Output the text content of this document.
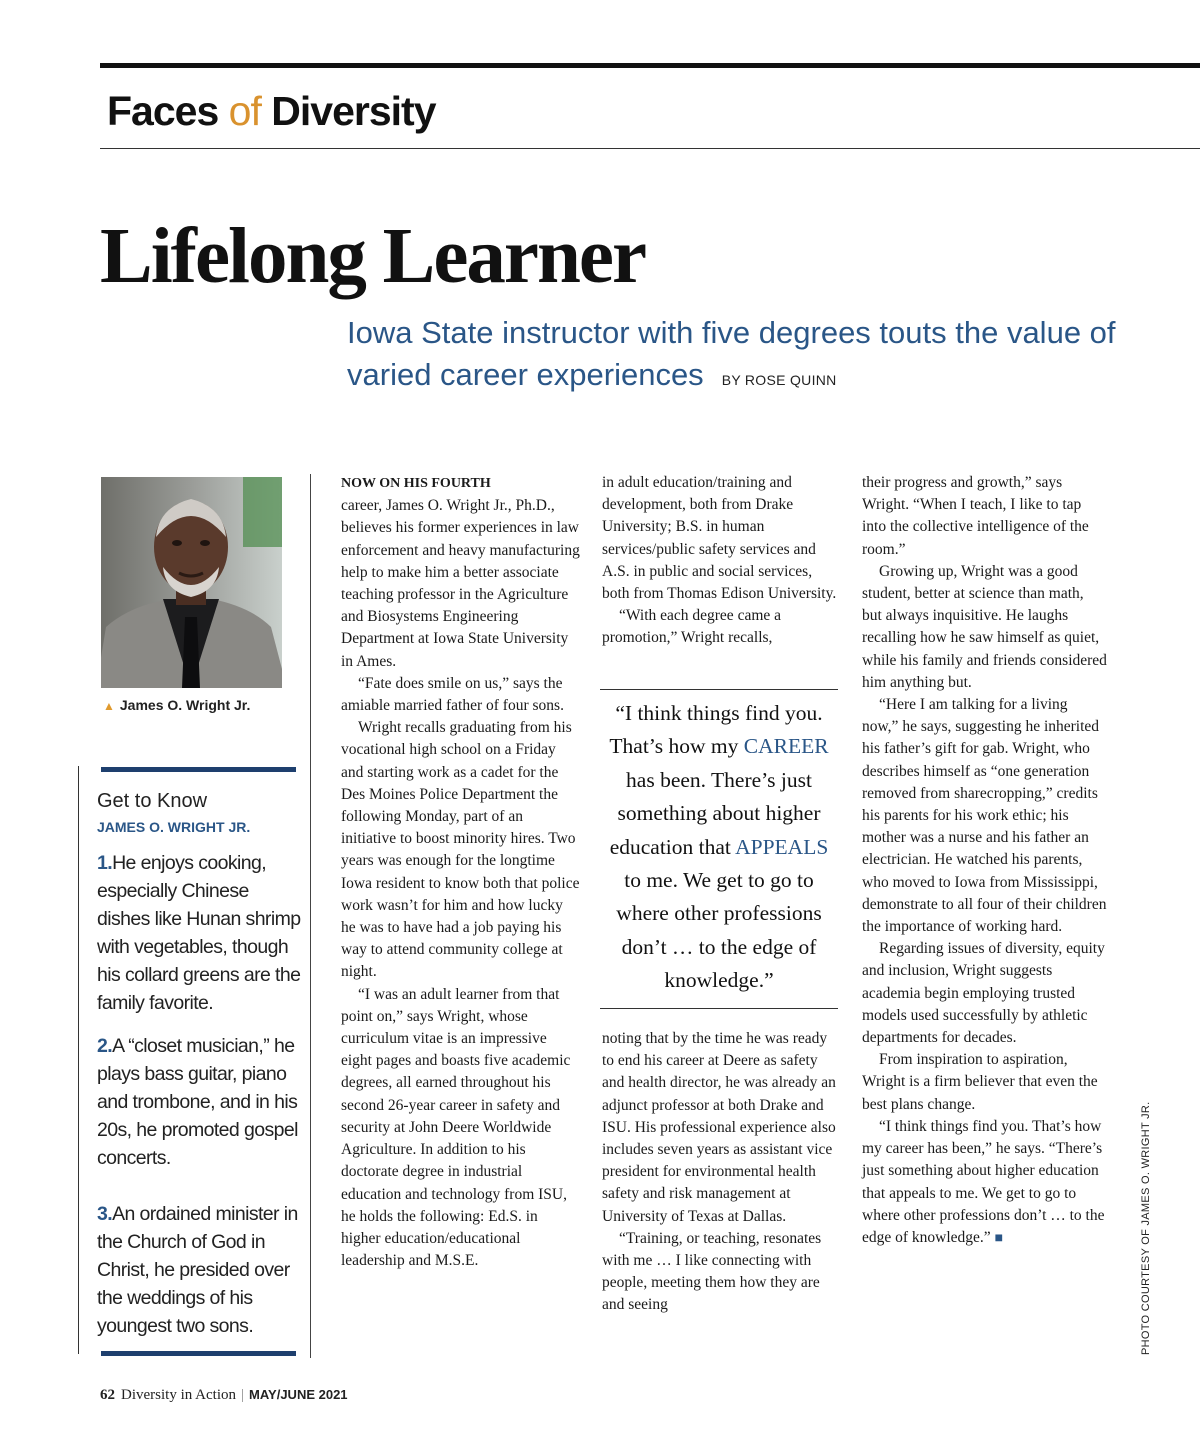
Faces of Diversity
Lifelong Learner
Iowa State instructor with five degrees touts the value of varied career experiences BY ROSE QUINN
▲ James O. Wright Jr.

Get to Know

JAMES O. WRIGHT JR.

1.He enjoys cooking, especially Chinese dishes like Hunan shrimp with vegetables, though his collard greens are the family favorite.

2.A “closet musician,” he plays bass guitar, piano and trombone, and in his 20s, he promoted gospel concerts.

3.An ordained minister in the Church of God in Christ, he presided over the weddings of his youngest two sons.

NOW ON HIS FOURTH
career, James O. Wright Jr., Ph.D., believes his former experiences in law enforcement and heavy manufacturing help to make him a better associate teaching professor in the Agriculture and Biosystems Engineering Department at Iowa State University in Ames.

“Fate does smile on us,” says the amiable married father of four sons.

Wright recalls graduating from his vocational high school on a Friday and starting work as a cadet for the Des Moines Police Department the following Monday, part of an initiative to boost minority hires. Two years was enough for the longtime Iowa resident to know both that police work wasn’t for him and how lucky he was to have had a job paying his way to attend community college at night.

“I was an adult learner from that point on,” says Wright, whose curriculum vitae is an impressive eight pages and boasts five academic degrees, all earned throughout his second 26-year career in safety and security at John Deere Worldwide Agriculture. In addition to his doctorate degree in industrial education and technology from ISU, he holds the following: Ed.S. in higher education/educational leadership and M.S.E.

in adult education/training and development, both from Drake University; B.S. in human services/public safety services and A.S. in public and social services, both from Thomas Edison University.

“With each degree came a promotion,” Wright recalls,

“I think things find you. That’s how my CAREER has been. There’s just something about higher education that APPEALS to me. We get to go to where other professions don’t … to the edge of knowledge.”

noting that by the time he was ready to end his career at Deere as safety and health director, he was already an adjunct professor at both Drake and ISU. His professional experience also includes seven years as assistant vice president for environmental health safety and risk management at University of Texas at Dallas.

“Training, or teaching, resonates with me … I like connecting with people, meeting them how they are and seeing

their progress and growth,” says Wright. “When I teach, I like to tap into the collective intelligence of the room.”

Growing up, Wright was a good student, better at science than math, but always inquisitive. He laughs recalling how he saw himself as quiet, while his family and friends considered him anything but.

“Here I am talking for a living now,” he says, suggesting he inherited his father’s gift for gab. Wright, who describes himself as “one generation removed from sharecropping,” credits his parents for his work ethic; his mother was a nurse and his father an electrician. He watched his parents, who moved to Iowa from Mississippi, demonstrate to all four of their children the importance of working hard.

Regarding issues of diversity, equity and inclusion, Wright suggests academia begin employing trusted models used successfully by athletic departments for decades.

From inspiration to aspiration, Wright is a firm believer that even the best plans change.

“I think things find you. That’s how my career has been,” he says. “There’s just something about higher education that appeals to me. We get to go to where other professions don’t … to the edge of knowledge.” ■	PHOTO COURTESY OF JAMES O. WRIGHT JR.
62 Diversity in Action | MAY/JUNE 2021
